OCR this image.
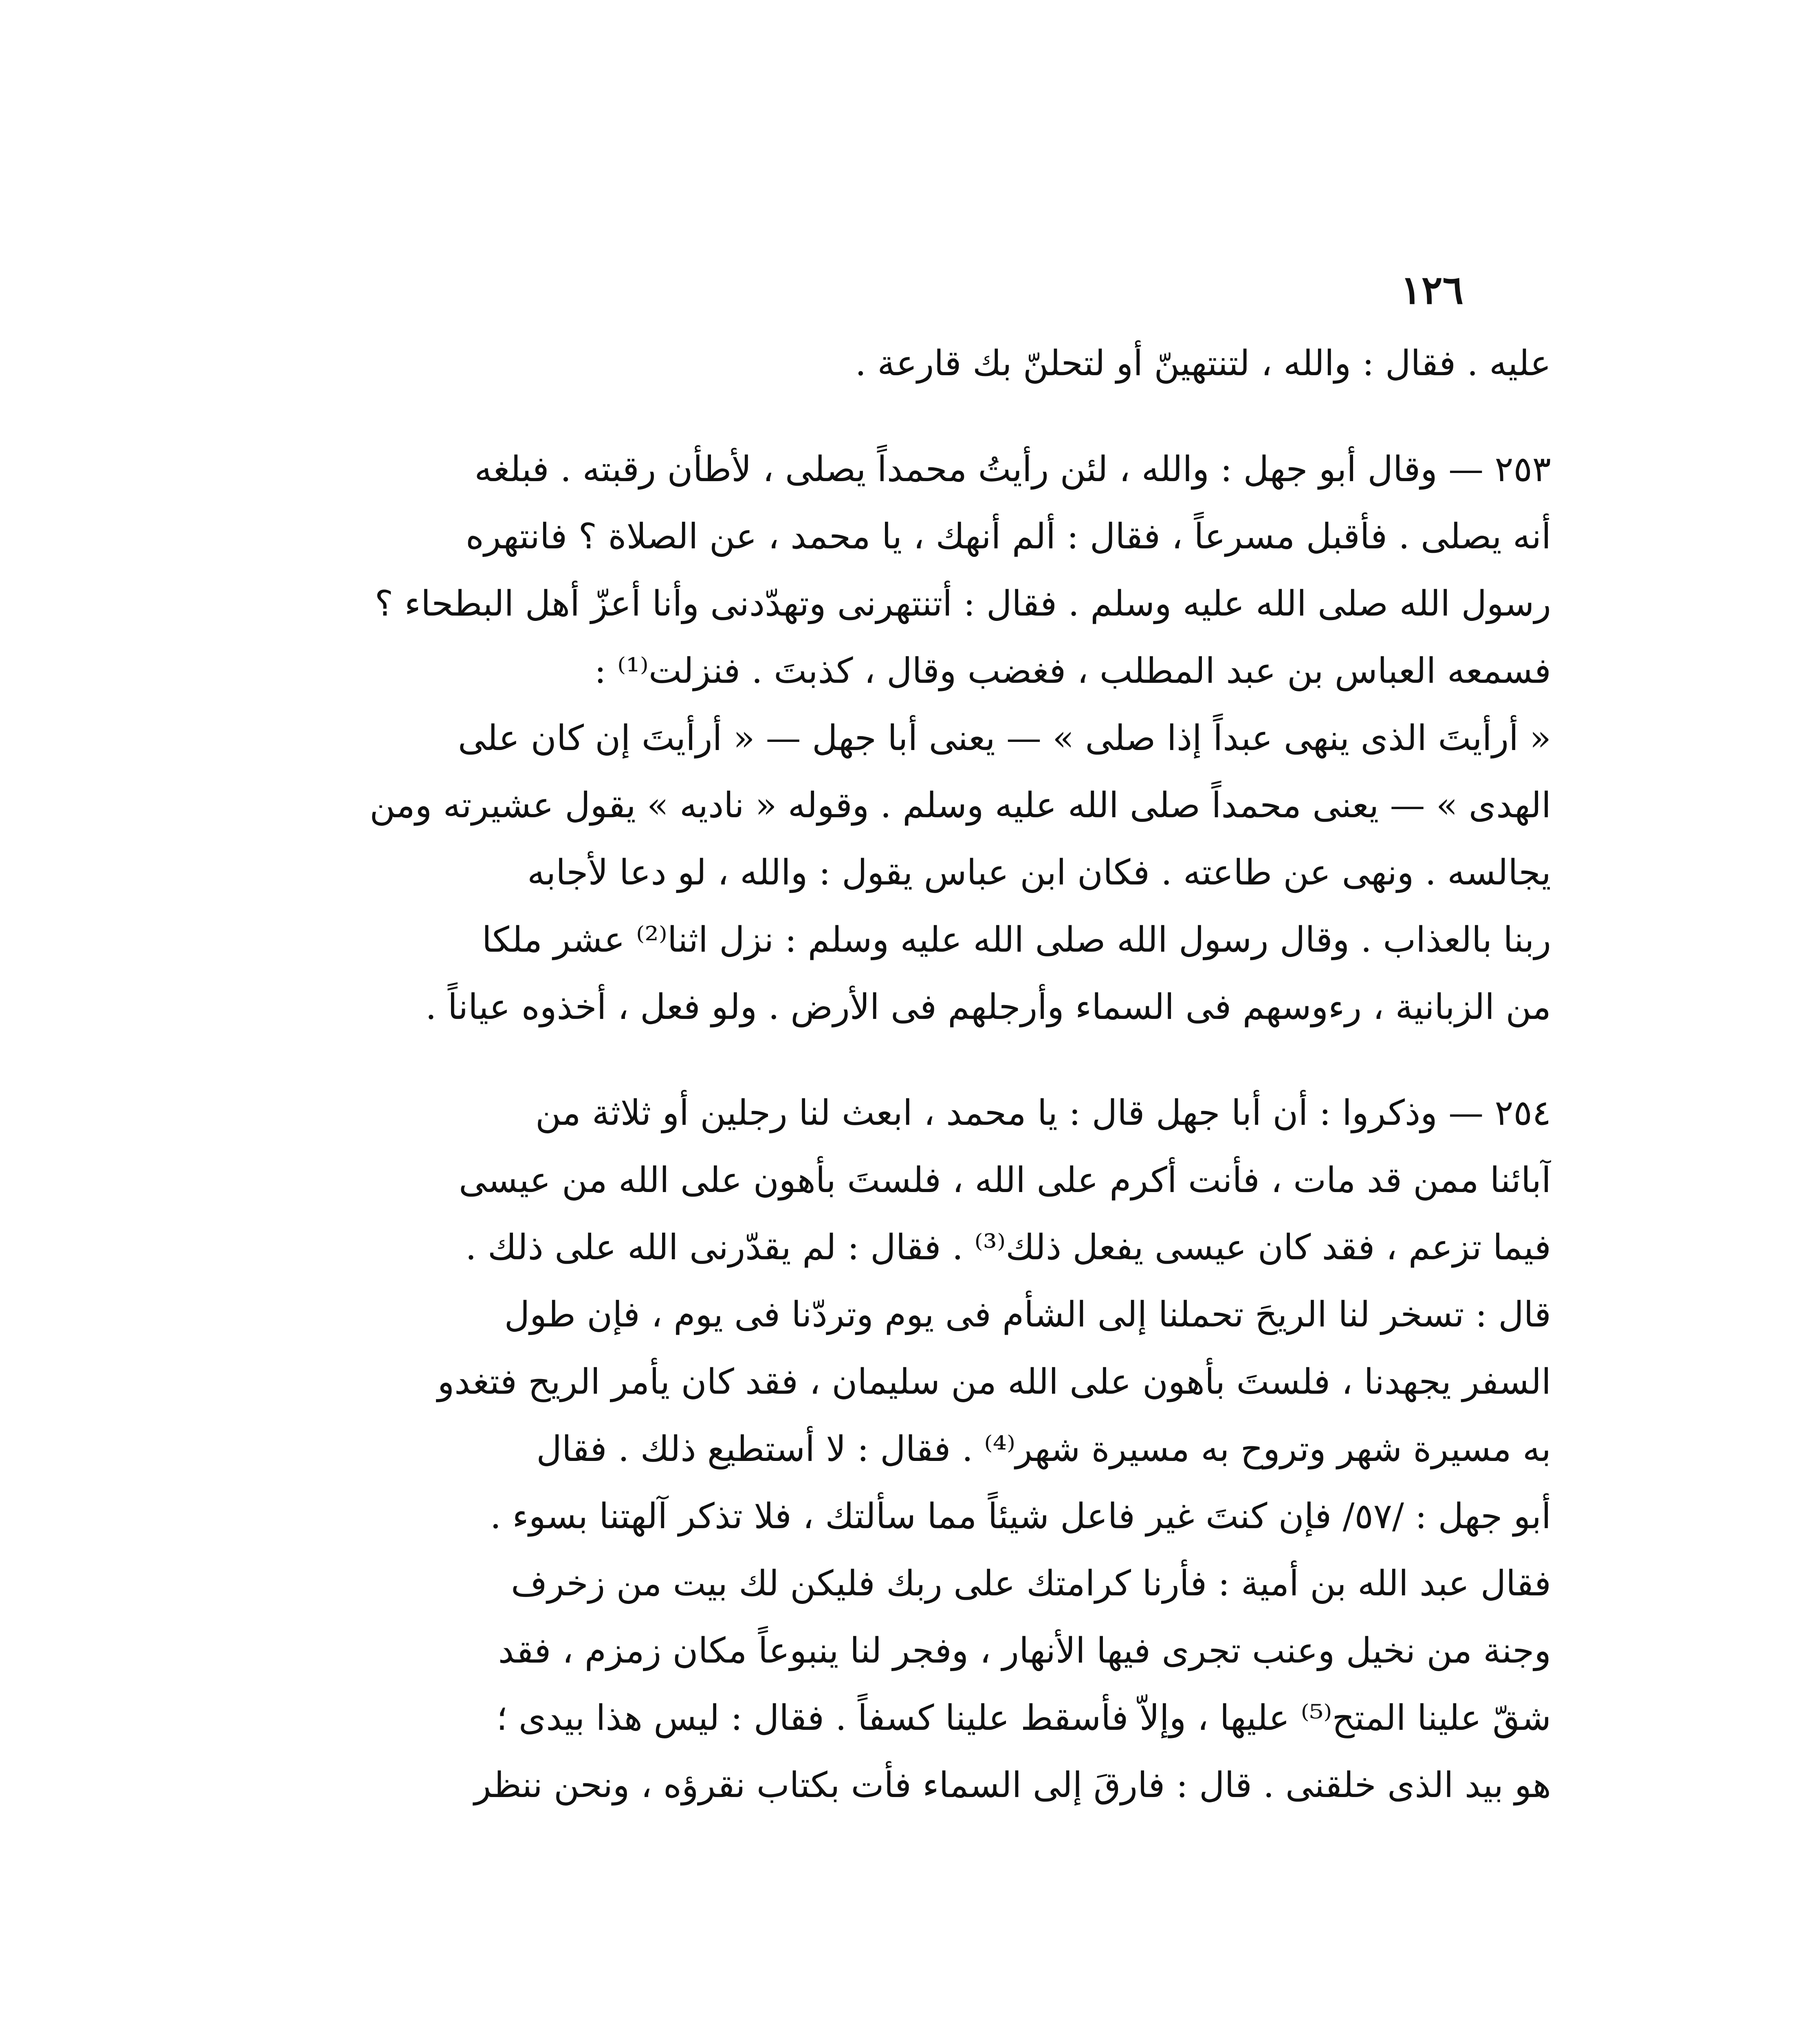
١٢٦
عليه . فقال : والله ، لتنتهينّ أو لتحلنّ بك قارعة .
٢٥٣ — وقال أبو جهل : والله ، لئن رأيتُ محمداً يصلى ، لأطأن رقبته . فبلغه
أنه يصلى . فأقبل مسرعاً ، فقال : ألم أنهك ، يا محمد ، عن الصلاة ؟ فانتهره
رسول الله صلى الله عليه وسلم . فقال : أتنتهرنى وتهدّدنى وأنا أعزّ أهل البطحاء ؟
فسمعه العباس بن عبد المطلب ، فغضب وقال ، كذبتَ . فنزلت⁽¹⁾ :
« أرأيتَ الذى ينهى عبداً إذا صلى » — يعنى أبا جهل — « أرأيتَ إن كان على
الهدى » — يعنى محمداً صلى الله عليه وسلم . وقوله « ناديه » يقول عشيرته ومن
يجالسه . ونهى عن طاعته . فكان ابن عباس يقول : والله ، لو دعا لأجابه
ربنا بالعذاب . وقال رسول الله صلى الله عليه وسلم : نزل اثنا⁽²⁾ عشر ملكا
من الزبانية ، رءوسهم فى السماء وأرجلهم فى الأرض . ولو فعل ، أخذوه عياناً .
٢٥٤ — وذكروا : أن أبا جهل قال : يا محمد ، ابعث لنا رجلين أو ثلاثة من
آبائنا ممن قد مات ، فأنت أكرم على الله ، فلستَ بأهون على الله من عيسى
فيما تزعم ، فقد كان عيسى يفعل ذلك⁽³⁾ . فقال : لم يقدّرنى الله على ذلك .
قال : تسخر لنا الريحَ تحملنا إلى الشأم فى يوم وتردّنا فى يوم ، فإن طول
السفر يجهدنا ، فلستَ بأهون على الله من سليمان ، فقد كان يأمر الريح فتغدو
به مسيرة شهر وتروح به مسيرة شهر⁽⁴⁾ . فقال : لا أستطيع ذلك . فقال
أبو جهل : /٥٧/ فإن كنتَ غير فاعل شيئاً مما سألتك ، فلا تذكر آلهتنا بسوء .
فقال عبد الله بن أمية : فأرنا كرامتك على ربك فليكن لك بيت من زخرف
وجنة من نخيل وعنب تجرى فيها الأنهار ، وفجر لنا ينبوعاً مكان زمزم ، فقد
شقّ علينا المتح⁽⁵⁾ عليها ، وإلاّ فأسقط علينا كسفاً . فقال : ليس هذا بيدى ؛
هو بيد الذى خلقنى . قال : فارقَ إلى السماء فأت بكتاب نقرؤه ، ونحن ننظر
